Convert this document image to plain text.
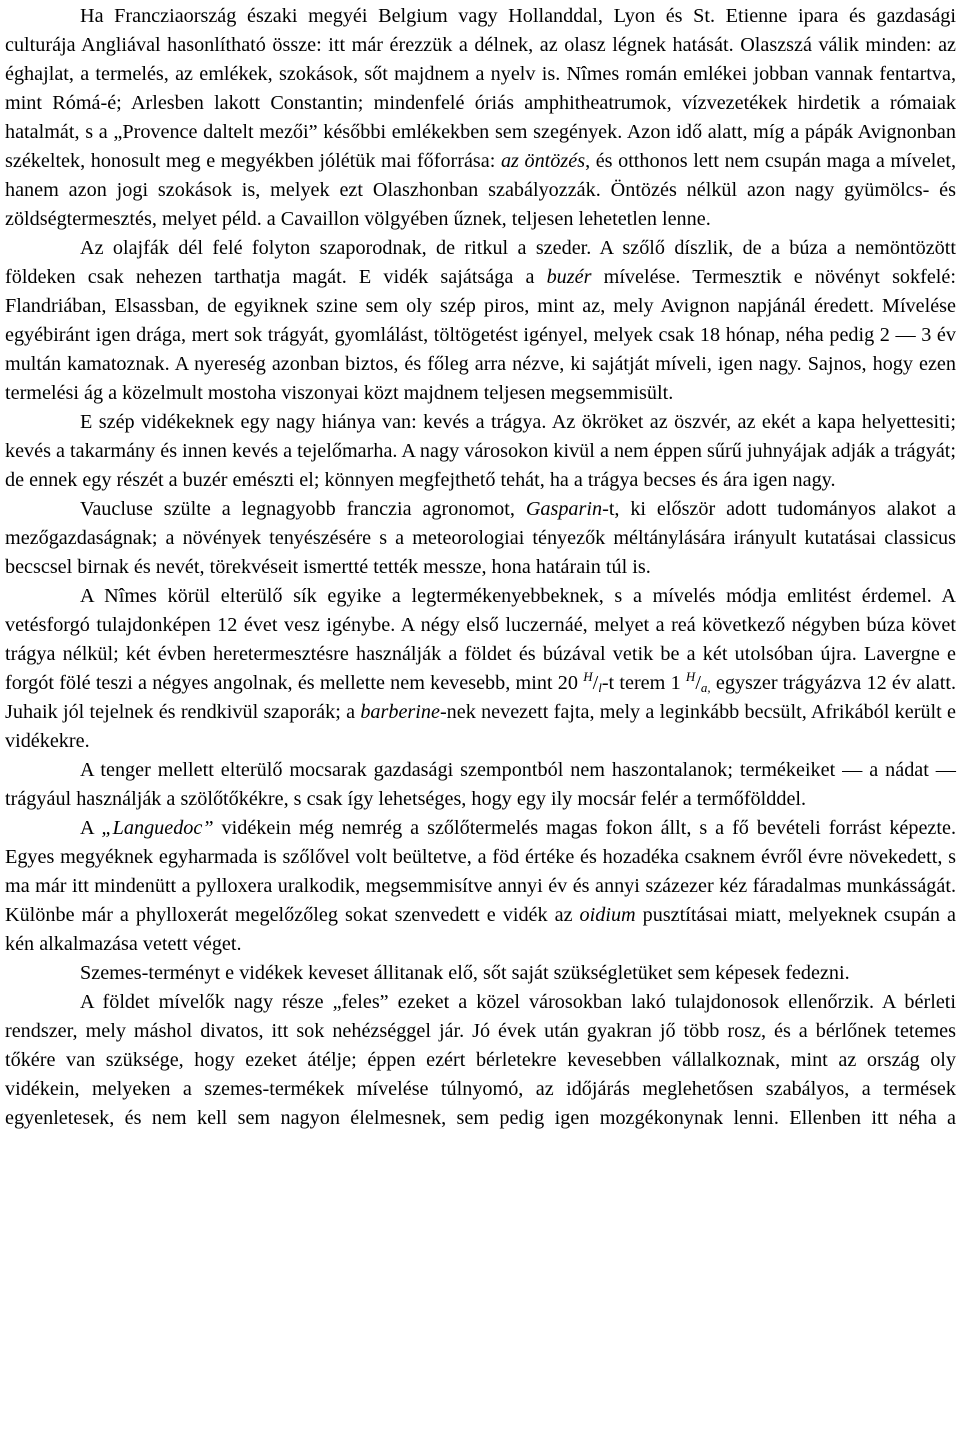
Ha Francziaország északi megyéi Belgium vagy Hollanddal, Lyon és St. Etienne ipara és gazdasági culturája Angliával hasonlítható össze: itt már érezzük a délnek, az olasz légnek hatását. Olaszszá válik minden: az éghajlat, a termelés, az emlékek, szokások, sőt majdnem a nyelv is. Nîmes román emlékei jobban vannak fentartva, mint Rómá-é; Arlesben lakott Constantin; mindenfelé óriás amphitheatrumok, vízvezetékek hirdetik a rómaiak hatalmát, s a „Provence daltelt mezői” későbbi emlékekben sem szegények. Azon idő alatt, míg a pápák Avignonban székeltek, honosult meg e megyékben jólétük mai főforrása: az öntözés, és otthonos lett nem csupán maga a mívelet, hanem azon jogi szokások is, melyek ezt Olaszhonban szabályozzák. Öntözés nélkül azon nagy gyümölcs- és zöldségtermesztés, melyet péld. a Cavaillon völgyében űznek, teljesen lehetetlen lenne.

Az olajfák dél felé folyton szaporodnak, de ritkul a szeder. A szőlő díszlik, de a búza a nemöntözött földeken csak nehezen tarthatja magát. E vidék sajátsága a buzér mívelése. Termesztik e növényt sokfelé: Flandriában, Elsassban, de egyiknek szine sem oly szép piros, mint az, mely Avignon napjánál éredett. Mívelése egyébiránt igen drága, mert sok trágyát, gyomlálást, töltögetést igényel, melyek csak 18 hónap, néha pedig 2 — 3 év multán kamatoznak. A nyereség azonban biztos, és főleg arra nézve, ki sajátját míveli, igen nagy. Sajnos, hogy ezen termelési ág a közelmult mostoha viszonyai közt majdnem teljesen megsemmisült.

E szép vidékeknek egy nagy hiánya van: kevés a trágya. Az ökröket az öszvér, az ekét a kapa helyettesiti; kevés a takarmány és innen kevés a tejelőmarha. A nagy városokon kivül a nem éppen sűrű juhnyájak adják a trágyát; de ennek egy részét a buzér emészti el; könnyen megfejthető tehát, ha a trágya becses és ára igen nagy.

Vaucluse szülte a legnagyobb franczia agronomot, Gasparin-t, ki először adott tudományos alakot a mezőgazdaságnak; a növények tenyészésére s a meteorologiai tényezők méltánylására irányult kutatásai classicus becscsel birnak és nevét, törekvéseit ismertté tették messze, hona határain túl is.

A Nîmes körül elterülő sík egyike a legtermékenyebbeknek, s a mívelés módja emlitést érdemel. A vetésforgó tulajdonképen 12 évet vesz igénybe. A négy első luczernáé, melyet a reá következő négyben búza követ trágya nélkül; két évben heretermesztésre használják a földet és búzával vetik be a két utolsóban újra. Lavergne e forgót fölé teszi a négyes angolnak, és mellette nem kevesebb, mint 20 $^H/_l-t$ terem 1 $^H/_{a,}$ egyszer trágyázva 12 év alatt. Juhaik jól tejelnek és rendkivül szaporák; a barberine-nek nevezett fajta, mely a leginkább becsült, Afrikából került e vidékekre.

A tenger mellett elterülő mocsarak gazdasági szempontból nem haszontalanok; termékeiket — a nádat — trágyául használják a szölőtőkékre, s csak így lehetséges, hogy egy ily mocsár felér a termőfölddel.

A „Languedoc” vidékein még nemrég a szőlőtermelés magas fokon állt, s a fő bevételi forrást képezte. Egyes megyéknek egyharmada is szőlővel volt beültetve, a föd értéke és hozadéka csaknem évről évre növekedett, s ma már itt mindenütt a pylloxera uralkodik, megsemmisítve annyi év és annyi százezer kéz fáradalmas munkásságát. Különbe már a phylloxerát megelőzőleg sokat szenvedett e vidék az oidium pusztításai miatt, melyeknek csupán a kén alkalmazása vetett véget.

Szemes-terményt e vidékek keveset állitanak elő, sőt saját szükségletüket sem képesek fedezni.

A földet mívelők nagy része „feles” ezeket a közel városokban lakó tulajdonosok ellenőrzik. A bérleti rendszer, mely máshol divatos, itt sok nehézséggel jár. Jó évek után gyakran jő több rosz, és a bérlőnek tetemes tőkére van szüksége, hogy ezeket átélje; éppen ezért bérletekre kevesebben vállalkoznak, mint az ország oly vidékein, melyeken a szemes-termékek mívelése túlnyomó, az időjárás meglehetősen szabályos, a termések egyenletesek, és nem kell sem nagyon élelmesnek, sem pedig igen mozgékonynak lenni. Ellenben itt néha a
